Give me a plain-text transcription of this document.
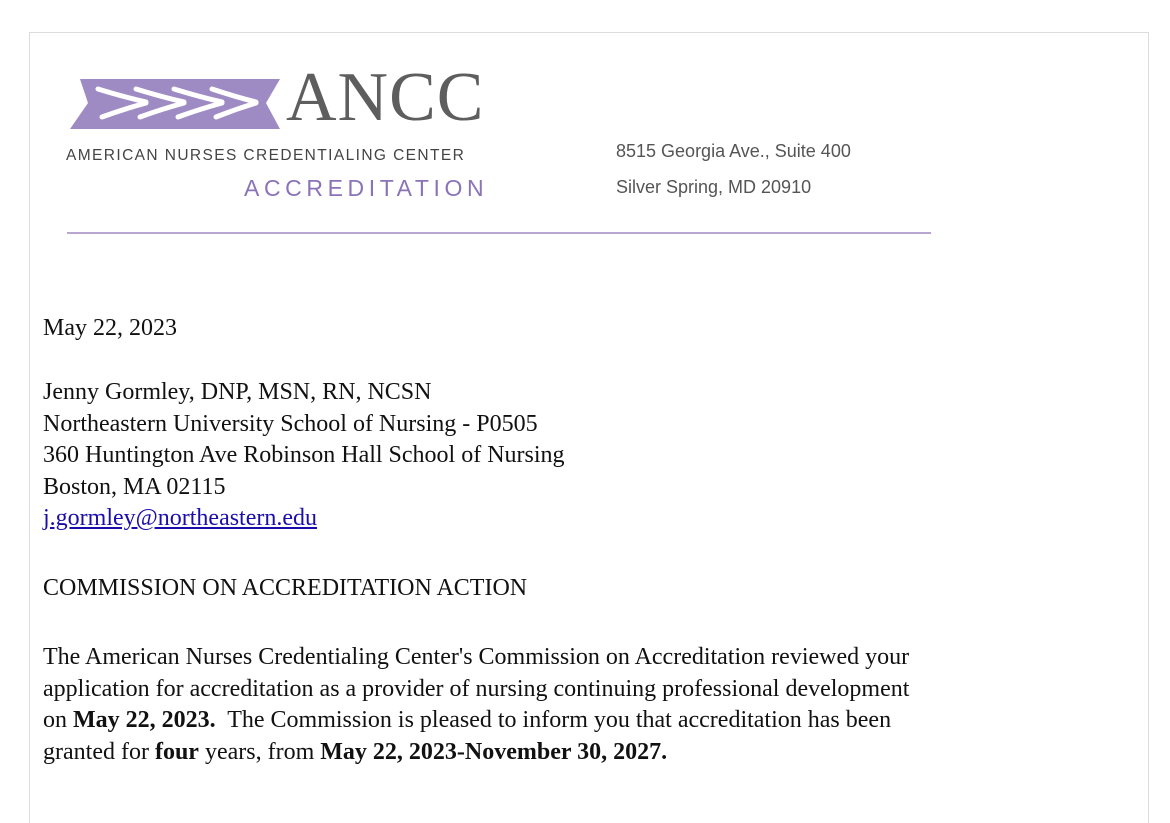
ANCC
AMERICAN NURSES CREDENTIALING CENTER
ACCREDITATION
8515 Georgia Ave., Suite 400
Silver Spring, MD 20910
May 22, 2023
Jenny Gormley, DNP, MSN, RN, NCSN
Northeastern University School of Nursing - P0505
360 Huntington Ave Robinson Hall School of Nursing
Boston, MA 02115
j.gormley@northeastern.edu
COMMISSION ON ACCREDITATION ACTION
The American Nurses Credentialing Center's Commission on Accreditation reviewed your
application for accreditation as a provider of nursing continuing professional development
on May 22, 2023.  The Commission is pleased to inform you that accreditation has been
granted for four years, from May 22, 2023-November 30, 2027.
